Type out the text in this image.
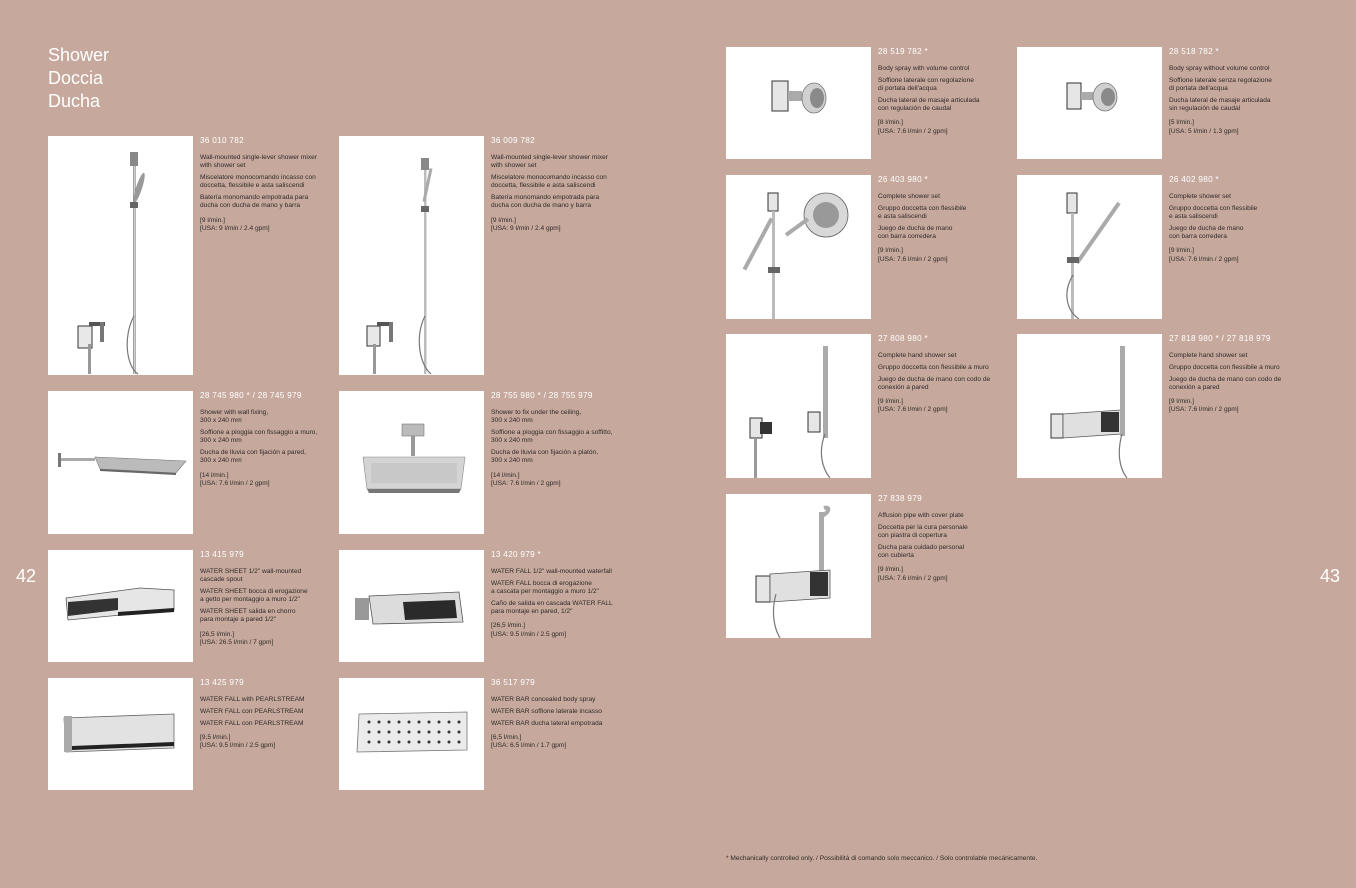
Shower
Doccia
Ducha
42	43
36 010 782
Wall-mounted single-lever shower mixer
with shower set
Miscelatore monocomando incasso con
doccetta, flessibile e asta saliscendi
Batería monomando empotrada para
ducha con ducha de mano y barra
[9 l/min.]
[USA: 9 l/min / 2.4 gpm]
36 009 782
Wall-mounted single-lever shower mixer
with shower set
Miscelatore monocomando incasso con
doccetta, flessibile e asta saliscendi
Batería monomando empotrada para
ducha con ducha de mano y barra
[9 l/min.]
[USA: 9 l/min / 2.4 gpm]
28 745 980 * / 28 745 979
Shower with wall fixing,
300 x 240 mm
Soffione a pioggia con fissaggio a muro,
300 x 240 mm
Ducha de lluvia con fijación a pared,
300 x 240 mm
[14 l/min.]
[USA: 7.6 l/min / 2 gpm]
28 755 980 * / 28 755 979
Shower to fix under the ceiling,
300 x 240 mm
Soffione a pioggia con fissaggio a soffitto,
300 x 240 mm
Ducha de lluvia con fijación a platón,
300 x 240 mm
[14 l/min.]
[USA: 7.6 l/min / 2 gpm]
13 415 979
WATER SHEET 1/2" wall-mounted
cascade spout
WATER SHEET bocca di erogazione
a getto per montaggio a muro 1/2"
WATER SHEET salida en chorro
para montaje a pared 1/2"
[26,5 l/min.]
[USA: 26.5 l/min / 7 gpm]
13 420 979 *
WATER FALL 1/2" wall-mounted waterfall
WATER FALL bocca di erogazione
a cascata per montaggio a muro 1/2"
Caño de salida en cascada WATER FALL
para montaje en pared, 1/2"
[26,5 l/min.]
[USA: 9.5 l/min / 2.5 gpm]
13 425 979
WATER FALL with PEARLSTREAM
WATER FALL con PEARLSTREAM
WATER FALL con PEARLSTREAM
[9,5 l/min.]
[USA: 9.5 l/min / 2.5 gpm]
36 517 979
WATER BAR concealed body spray
WATER BAR soffione laterale incasso
WATER BAR ducha lateral empotrada
[6,5 l/min.]
[USA: 6.5 l/min / 1.7 gpm]
28 519 782 *
Body spray with volume control
Soffione laterale con regolazione
di portata dell'acqua
Ducha lateral de masaje articulada
con regulación de caudal
[8 l/min.]
[USA: 7.6 l/min / 2 gpm]
28 518 782 *
Body spray without volume control
Soffione laterale senza regolazione
di portata dell'acqua
Ducha lateral de masaje articulada
sin regulación de caudal
[5 l/min.]
[USA: 5 l/min / 1.3 gpm]
26 403 980 *
Complete shower set
Gruppo doccetta con flessibile
e asta saliscendi
Juego de ducha de mano
con barra corredera
[9 l/min.]
[USA: 7.6 l/min / 2 gpm]
26 402 980 *
Complete shower set
Gruppo doccetta con flessibile
e asta saliscendi
Juego de ducha de mano
con barra corredera
[9 l/min.]
[USA: 7.6 l/min / 2 gpm]
27 808 980 *
Complete hand shower set
Gruppo doccetta con flessibile a muro
Juego de ducha de mano con codo de
conexión a pared
[9 l/min.]
[USA: 7.6 l/min / 2 gpm]
27 818 980 * / 27 818 979
Complete hand shower set
Gruppo doccetta con flessibile a muro
Juego de ducha de mano con codo de
conexión a pared
[9 l/min.]
[USA: 7.6 l/min / 2 gpm]
27 838 979
Affusion pipe with cover plate
Doccetta per la cura personale
con piastra di copertura
Ducha para cuidado personal
con cubierta
[9 l/min.]
[USA: 7.6 l/min / 2 gpm]
* Mechanically controlled only. / Possibilità di comando solo meccanico. / Solo controlable mecánicamente.
